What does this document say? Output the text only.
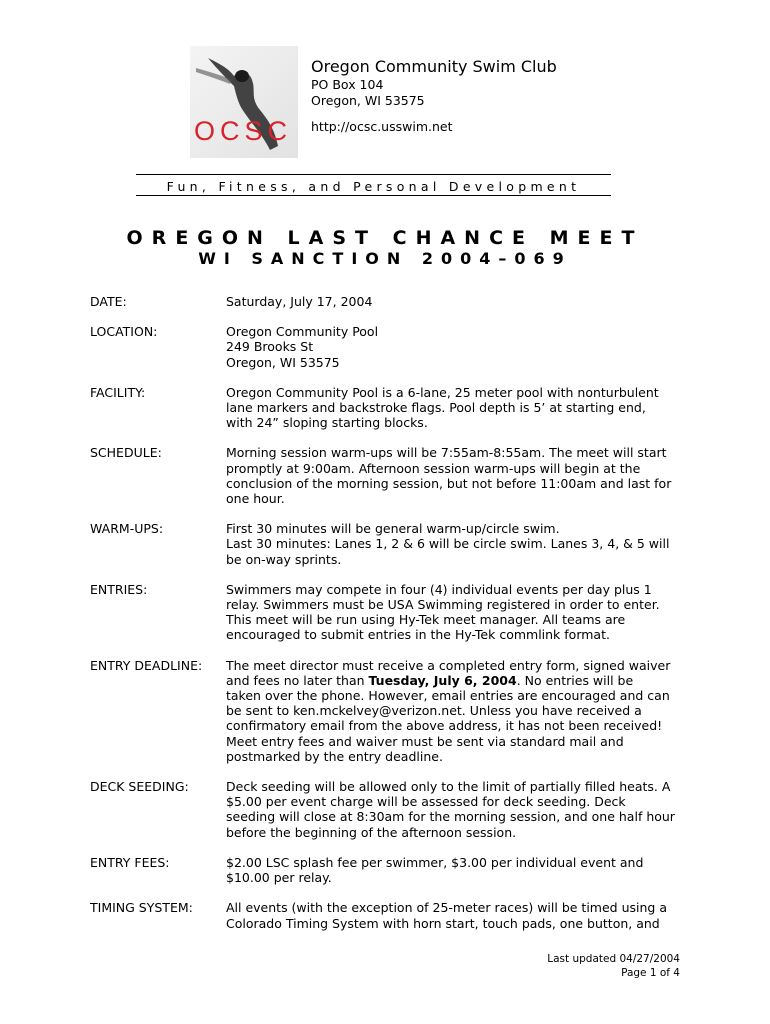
OCSC
Oregon Community Swim Club
PO Box 104
Oregon, WI 53575
http://ocsc.usswim.net
Fun, Fitness, and Personal Development
OREGON LAST CHANCE MEET
WI SANCTION 2004–069
DATE:	Saturday, July 17, 2004
LOCATION:	Oregon Community Pool
249 Brooks St
Oregon, WI 53575
FACILITY:	Oregon Community Pool is a 6-lane, 25 meter pool with nonturbulent
lane markers and backstroke flags. Pool depth is 5’ at starting end,
with 24” sloping starting blocks.
SCHEDULE:	Morning session warm-ups will be 7:55am-8:55am. The meet will start
promptly at 9:00am. Afternoon session warm-ups will begin at the
conclusion of the morning session, but not before 11:00am and last for
one hour.
WARM-UPS:	First 30 minutes will be general warm-up/circle swim.
Last 30 minutes: Lanes 1, 2 & 6 will be circle swim. Lanes 3, 4, & 5 will
be on-way sprints.
ENTRIES:	Swimmers may compete in four (4) individual events per day plus 1
relay. Swimmers must be USA Swimming registered in order to enter.
This meet will be run using Hy-Tek meet manager. All teams are
encouraged to submit entries in the Hy-Tek commlink format.
ENTRY DEADLINE:	The meet director must receive a completed entry form, signed waiver
and fees no later than Tuesday, July 6, 2004. No entries will be
taken over the phone. However, email entries are encouraged and can
be sent to ken.mckelvey@verizon.net. Unless you have received a
confirmatory email from the above address, it has not been received!
Meet entry fees and waiver must be sent via standard mail and
postmarked by the entry deadline.
DECK SEEDING:	Deck seeding will be allowed only to the limit of partially filled heats. A
$5.00 per event charge will be assessed for deck seeding. Deck
seeding will close at 8:30am for the morning session, and one half hour
before the beginning of the afternoon session.
ENTRY FEES:	$2.00 LSC splash fee per swimmer, $3.00 per individual event and
$10.00 per relay.
TIMING SYSTEM:	All events (with the exception of 25-meter races) will be timed using a
Colorado Timing System with horn start, touch pads, one button, and
Last updated 04/27/2004
Page 1 of 4
